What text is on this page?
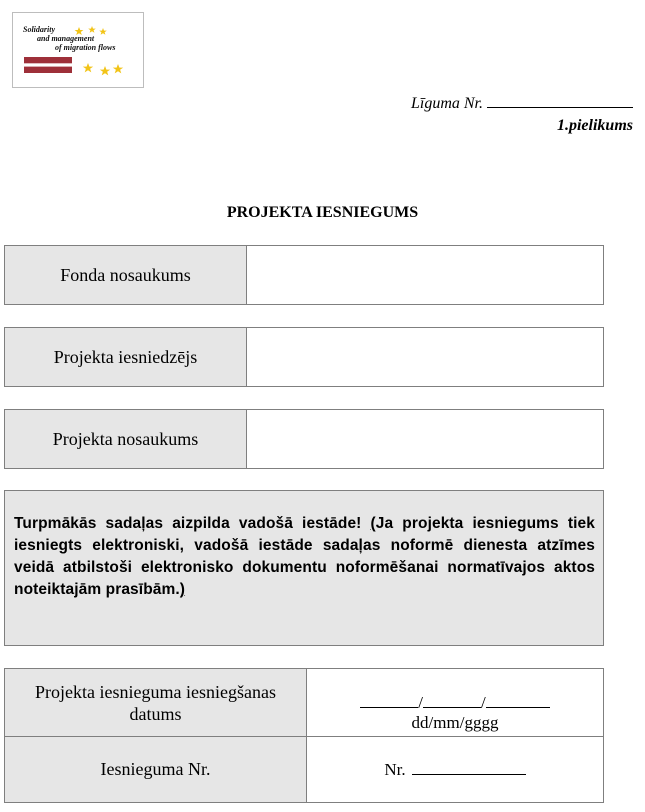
Solidarity
and management
of migration flows
Līguma Nr.
1.pielikums
PROJEKTA IESNIEGUMS
Fonda nosaukums	
Projekta iesniedzējs	
Projekta nosaukums	
Turpmākās sadaļas aizpilda vadošā iestāde! (Ja projekta iesniegums tiek iesniegts elektroniski, vadošā iestāde sadaļas noformē dienesta atzīmes veidā atbilstoši elektronisko dokumentu noformēšanai normatīvajos aktos noteiktajām prasībām.)
Projekta iesnieguma iesniegšanas datums	/ /
dd/mm/gggg

Iesnieguma Nr.	Nr.
